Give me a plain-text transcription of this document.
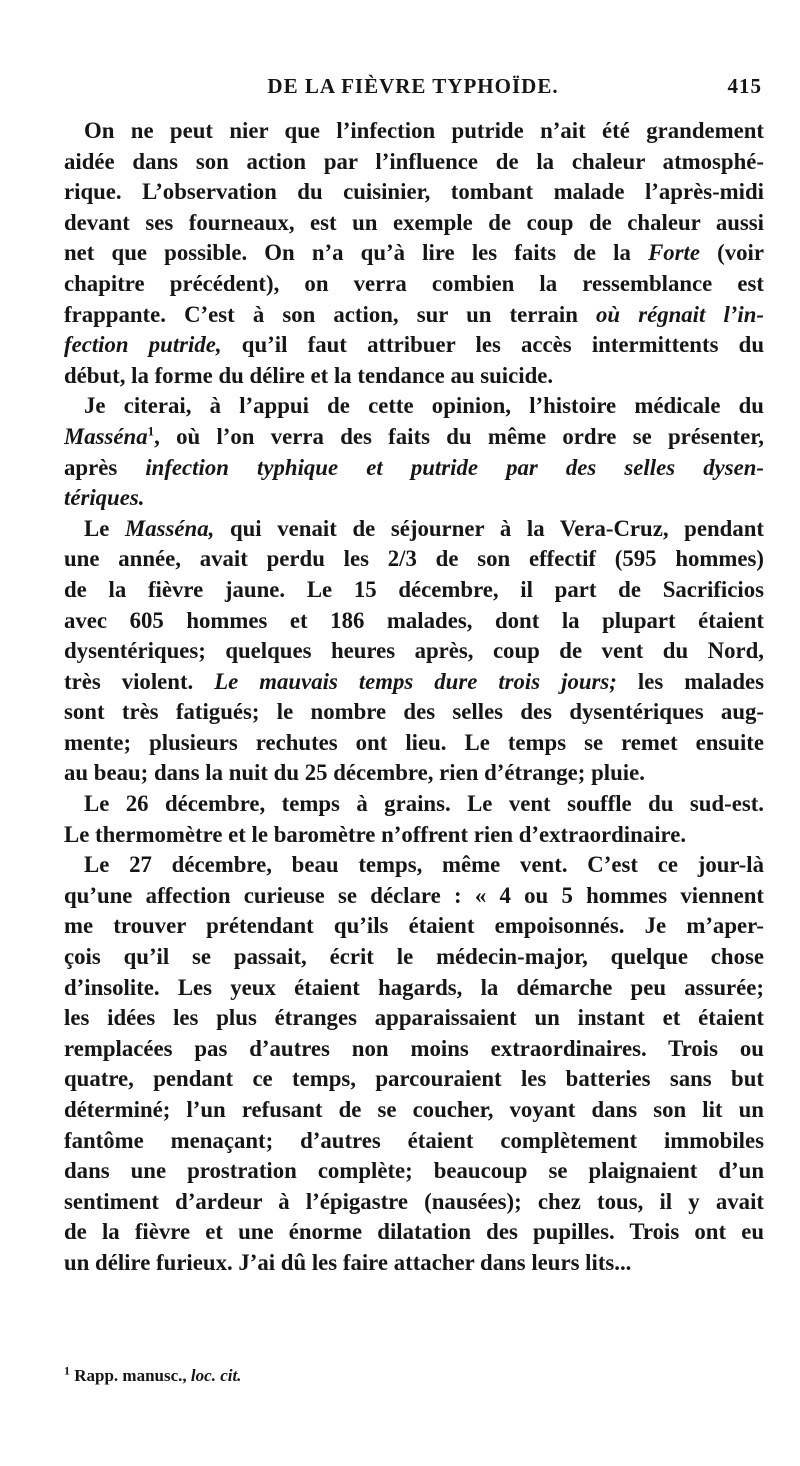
DE LA FIÈVRE TYPHOÏDE.	415
On ne peut nier que l’infection putride n’ait été grandement
aidée dans son action par l’influence de la chaleur atmosphé-
rique. L’observation du cuisinier, tombant malade l’après-midi
devant ses fourneaux, est un exemple de coup de chaleur aussi
net que possible. On n’a qu’à lire les faits de la Forte (voir
chapitre précédent), on verra combien la ressemblance est
frappante. C’est à son action, sur un terrain où régnait l’in-
fection putride, qu’il faut attribuer les accès intermittents du
début, la forme du délire et la tendance au suicide.
Je citerai, à l’appui de cette opinion, l’histoire médicale du
Masséna$^1$, où l’on verra des faits du même ordre se présenter,
après infection typhique et putride par des selles dysen-
tériques.
Le Masséna, qui venait de séjourner à la Vera-Cruz, pendant
une année, avait perdu les 2/3 de son effectif (595 hommes)
de la fièvre jaune. Le 15 décembre, il part de Sacrificios
avec 605 hommes et 186 malades, dont la plupart étaient
dysentériques; quelques heures après, coup de vent du Nord,
très violent. Le mauvais temps dure trois jours; les malades
sont très fatigués; le nombre des selles des dysentériques aug-
mente; plusieurs rechutes ont lieu. Le temps se remet ensuite
au beau; dans la nuit du 25 décembre, rien d’étrange; pluie.
Le 26 décembre, temps à grains. Le vent souffle du sud-est.
Le thermomètre et le baromètre n’offrent rien d’extraordinaire.
Le 27 décembre, beau temps, même vent. C’est ce jour-là
qu’une affection curieuse se déclare : « 4 ou 5 hommes viennent
me trouver prétendant qu’ils étaient empoisonnés. Je m’aper-
çois qu’il se passait, écrit le médecin-major, quelque chose
d’insolite. Les yeux étaient hagards, la démarche peu assurée;
les idées les plus étranges apparaissaient un instant et étaient
remplacées pas d’autres non moins extraordinaires. Trois ou
quatre, pendant ce temps, parcouraient les batteries sans but
déterminé; l’un refusant de se coucher, voyant dans son lit un
fantôme menaçant; d’autres étaient complètement immobiles
dans une prostration complète; beaucoup se plaignaient d’un
sentiment d’ardeur à l’épigastre (nausées); chez tous, il y avait
de la fièvre et une énorme dilatation des pupilles. Trois ont eu
un délire furieux. J’ai dû les faire attacher dans leurs lits...
$^1$ Rapp. manusc., loc. cit.
